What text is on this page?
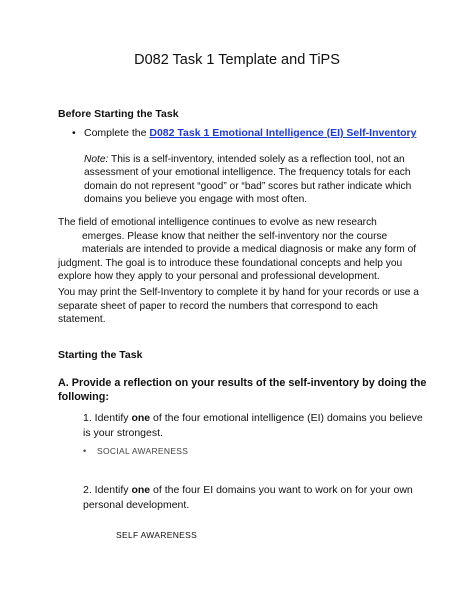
D082 Task 1 Template and TiPS
Before Starting the Task
• Complete the D082 Task 1 Emotional Intelligence (EI) Self-Inventory
Note: This is a self-inventory, intended solely as a reflection tool, not an assessment of your emotional intelligence. The frequency totals for each domain do not represent “good” or “bad” scores but rather indicate which domains you believe you engage with most often.
The field of emotional intelligence continues to evolve as new research
emerges. Please know that neither the self-inventory nor the course
materials are intended to provide a medical diagnosis or make any form of
judgment. The goal is to introduce these foundational concepts and help you explore how they apply to your personal and professional development.
You may print the Self-Inventory to complete it by hand for your records or use a separate sheet of paper to record the numbers that correspond to each statement.
Starting the Task
A. Provide a reflection on your results of the self-inventory by doing the following:
1. Identify one of the four emotional intelligence (EI) domains you believe is your strongest.
•	SOCIAL AWARENESS
2. Identify one of the four EI domains you want to work on for your own personal development.
SELF AWARENESS
